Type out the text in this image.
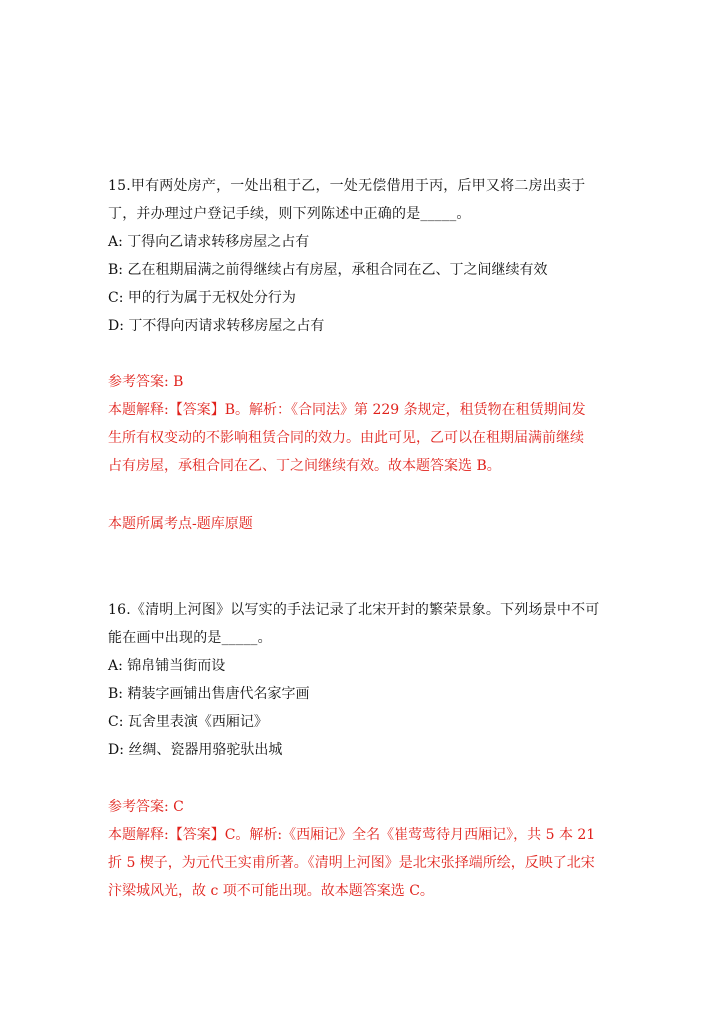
15.甲有两处房产，一处出租于乙，一处无偿借用于丙，后甲又将二房出卖于
丁，并办理过户登记手续，则下列陈述中正确的是_____。
A: 丁得向乙请求转移房屋之占有
B: 乙在租期届满之前得继续占有房屋，承租合同在乙、丁之间继续有效
C: 甲的行为属于无权处分行为
D: 丁不得向丙请求转移房屋之占有
参考答案: B
本题解释:【答案】B。解析：《合同法》第 229 条规定，租赁物在租赁期间发
生所有权变动的不影响租赁合同的效力。由此可见，乙可以在租期届满前继续
占有房屋，承租合同在乙、丁之间继续有效。故本题答案选 B。
本题所属考点-题库原题
16.《清明上河图》以写实的手法记录了北宋开封的繁荣景象。下列场景中不可
能在画中出现的是_____。
A: 锦帛铺当街而设
B: 精装字画铺出售唐代名家字画
C: 瓦舍里表演《西厢记》
D: 丝绸、瓷器用骆驼驮出城
参考答案: C
本题解释:【答案】C。解析:《西厢记》全名《崔莺莺待月西厢记》，共 5 本 21
折 5 楔子，为元代王实甫所著。《清明上河图》是北宋张择端所绘，反映了北宋
汴梁城风光，故 c 项不可能出现。故本题答案选 C。
